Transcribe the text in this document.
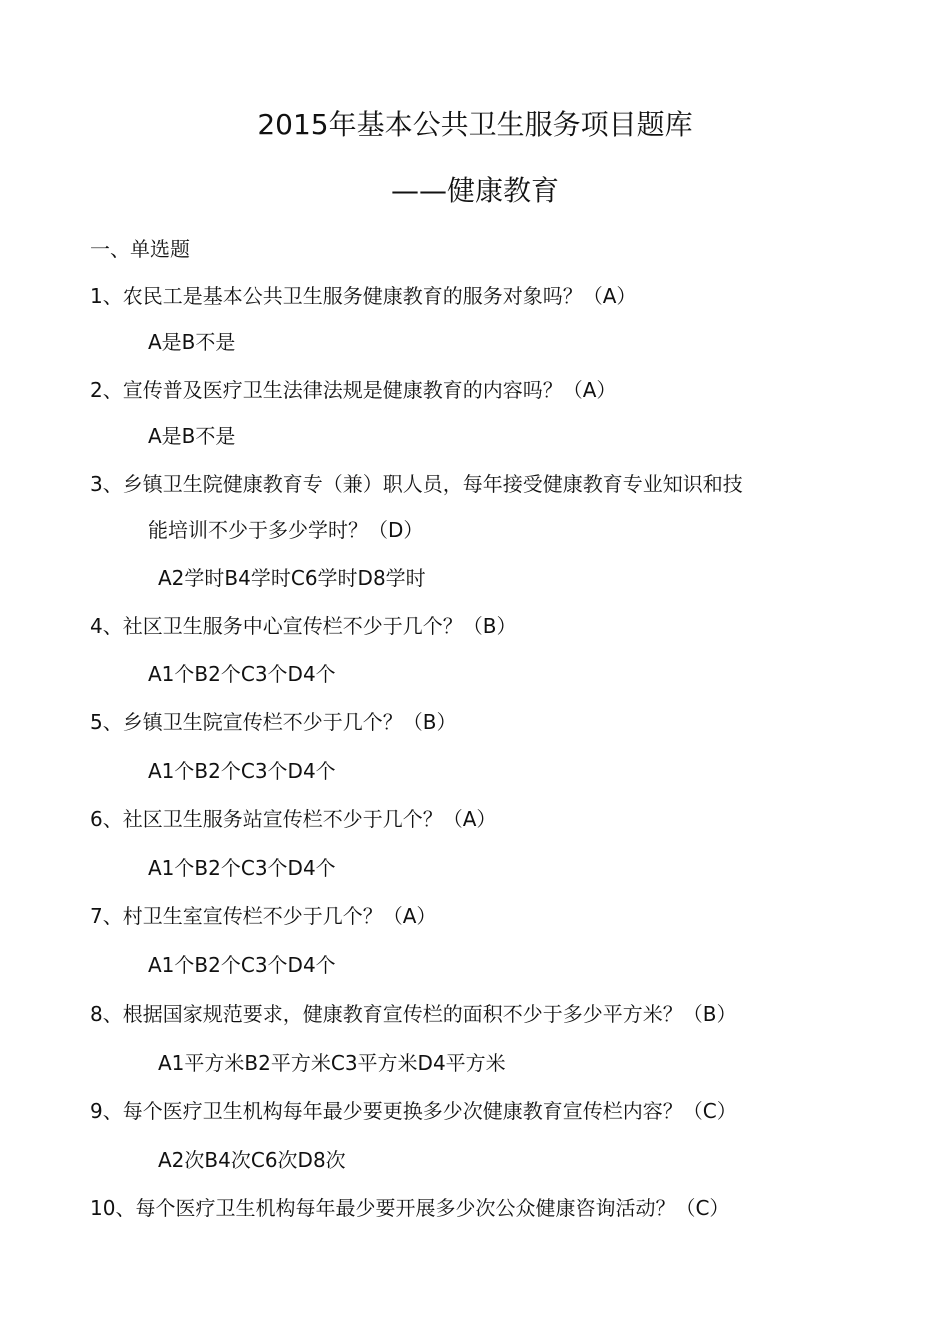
2015年基本公共卫生服务项目题库
——健康教育
一、单选题
1、农民工是基本公共卫生服务健康教育的服务对象吗？（A）
A是B不是
2、宣传普及医疗卫生法律法规是健康教育的内容吗？（A）
A是B不是
3、乡镇卫生院健康教育专（兼）职人员，每年接受健康教育专业知识和技
能培训不少于多少学时？（D）
A2学时B4学时C6学时D8学时
4、社区卫生服务中心宣传栏不少于几个？（B）
A1个B2个C3个D4个
5、乡镇卫生院宣传栏不少于几个？（B）
A1个B2个C3个D4个
6、社区卫生服务站宣传栏不少于几个？（A）
A1个B2个C3个D4个
7、村卫生室宣传栏不少于几个？（A）
A1个B2个C3个D4个
8、根据国家规范要求，健康教育宣传栏的面积不少于多少平方米？（B）
A1平方米B2平方米C3平方米D4平方米
9、每个医疗卫生机构每年最少要更换多少次健康教育宣传栏内容？（C）
A2次B4次C6次D8次
10、每个医疗卫生机构每年最少要开展多少次公众健康咨询活动？（C）
